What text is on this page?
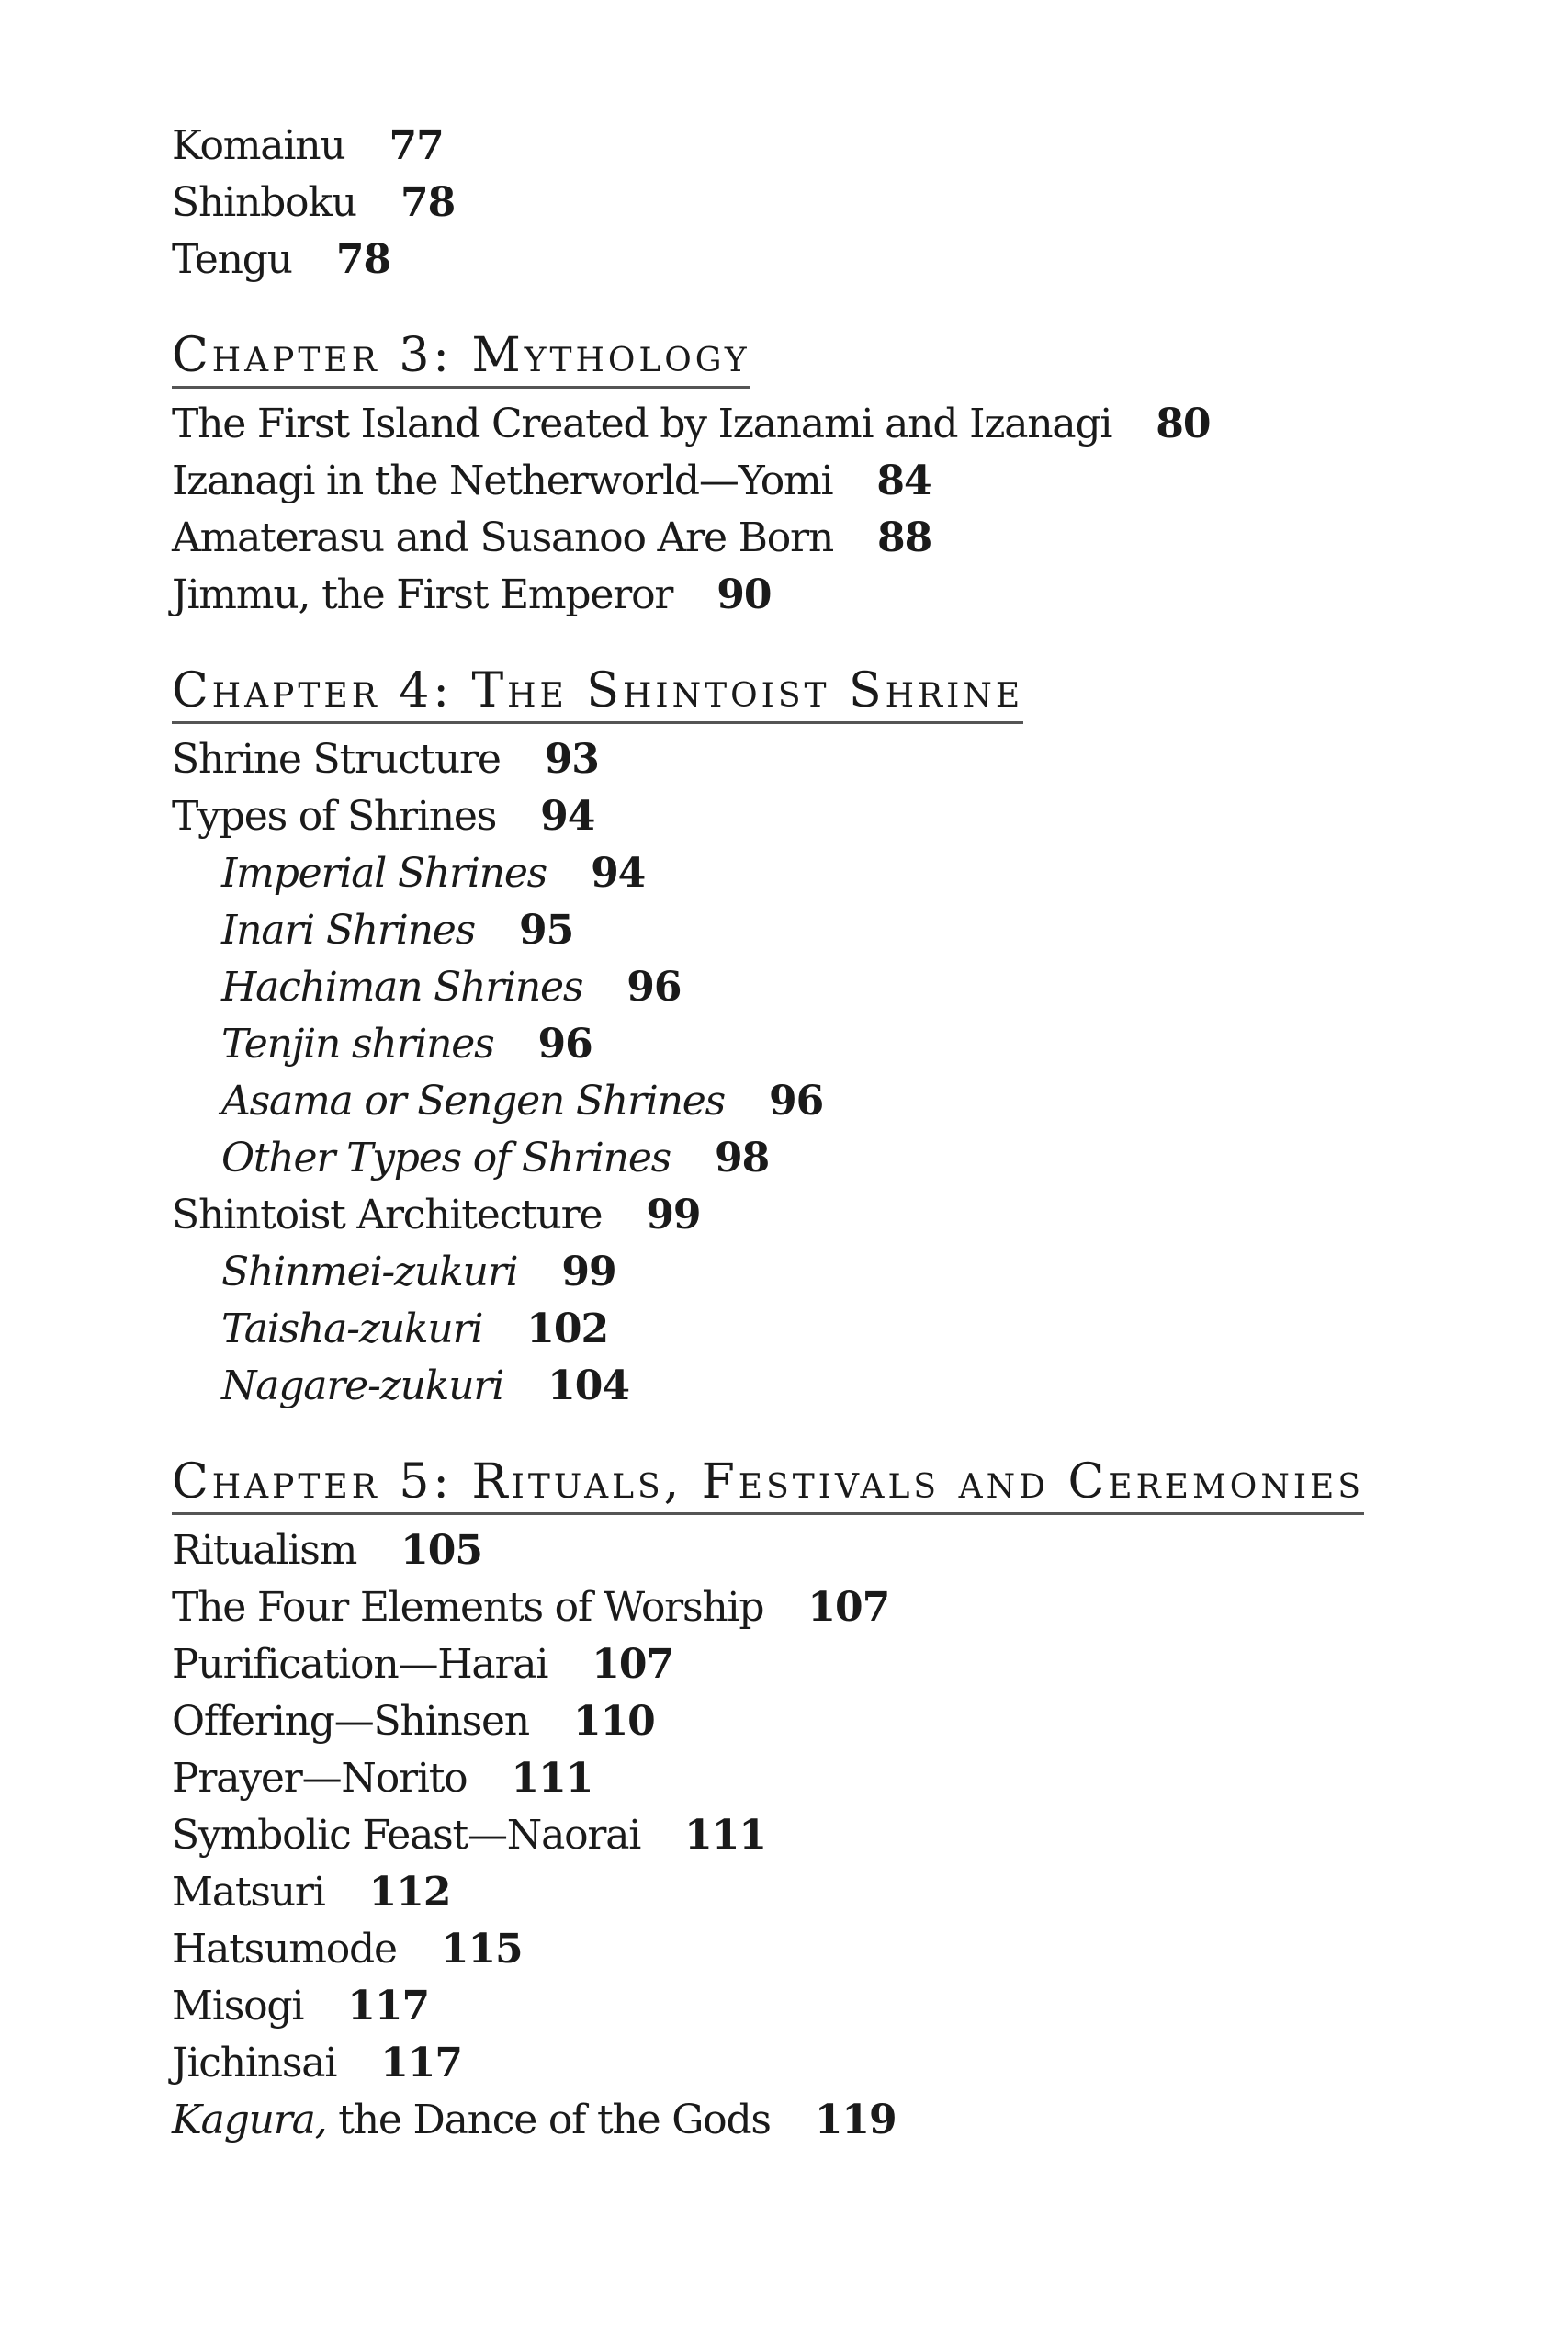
Komainu 77
Shinboku 78
Tengu 78
Chapter 3: Mythology

The First Island Created by Izanami and Izanagi 80
Izanagi in the Netherworld—Yomi 84
Amaterasu and Susanoo Are Born 88
Jimmu, the First Emperor 90
Chapter 4: The Shintoist Shrine

Shrine Structure 93
Types of Shrines 94
Imperial Shrines 94
Inari Shrines 95
Hachiman Shrines 96
Tenjin shrines 96
Asama or Sengen Shrines 96
Other Types of Shrines 98
Shintoist Architecture 99
Shinmei-zukuri 99
Taisha-zukuri 102
Nagare-zukuri 104
Chapter 5: Rituals, Festivals and Ceremonies

Ritualism 105
The Four Elements of Worship 107
Purification—Harai 107
Offering—Shinsen 110
Prayer—Norito 111
Symbolic Feast—Naorai 111
Matsuri 112
Hatsumode 115
Misogi 117
Jichinsai 117
Kagura, the Dance of the Gods 119
